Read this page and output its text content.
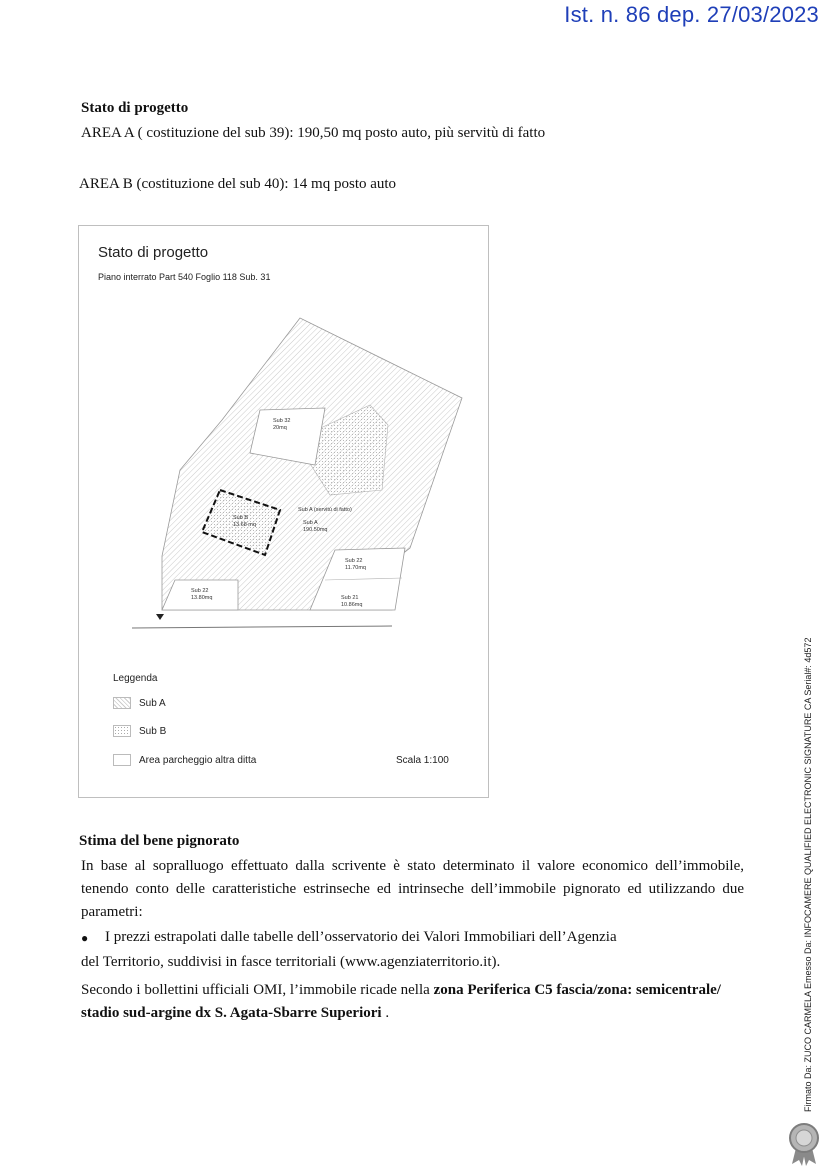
Ist. n. 86 dep. 27/03/2023
Stato di progetto
AREA A ( costituzione del sub 39): 190,50 mq posto auto, più servitù di fatto
AREA B (costituzione del sub 40): 14 mq posto auto
Stato di progetto
Piano interrato Part 540 Foglio 118 Sub. 31
Sub 32
20mq
Sub A (servitù di fatto)
Sub A
190.50mq
Sub B
13.68 mq
Sub 22
11.70mq
Sub 21
10.86mq
Sub 22
13.80mq
Leggenda
Sub A
Sub B
Area parcheggio altra ditta	Scala 1:100
Stima del bene pignorato
In base al sopralluogo effettuato dalla scrivente è stato determinato il valore economico dell’immobile, tenendo conto delle caratteristiche estrinseche ed intrinseche dell’immobile pignorato ed utilizzando due parametri:
● I prezzi estrapolati dalle tabelle dell’osservatorio dei Valori Immobiliari dell’Agenzia
del Territorio, suddivisi in fasce territoriali (www.agenziaterritorio.it).
Secondo i bollettini ufficiali OMI, l’immobile ricade nella zona Periferica C5 fascia/zona: semicentrale/ stadio sud-argine dx S. Agata-Sbarre Superiori .	Firmato Da: ZUCO CARMELA Emesso Da: INFOCAMERE QUALIFIED ELECTRONIC SIGNATURE CA Serial#: 4d572
